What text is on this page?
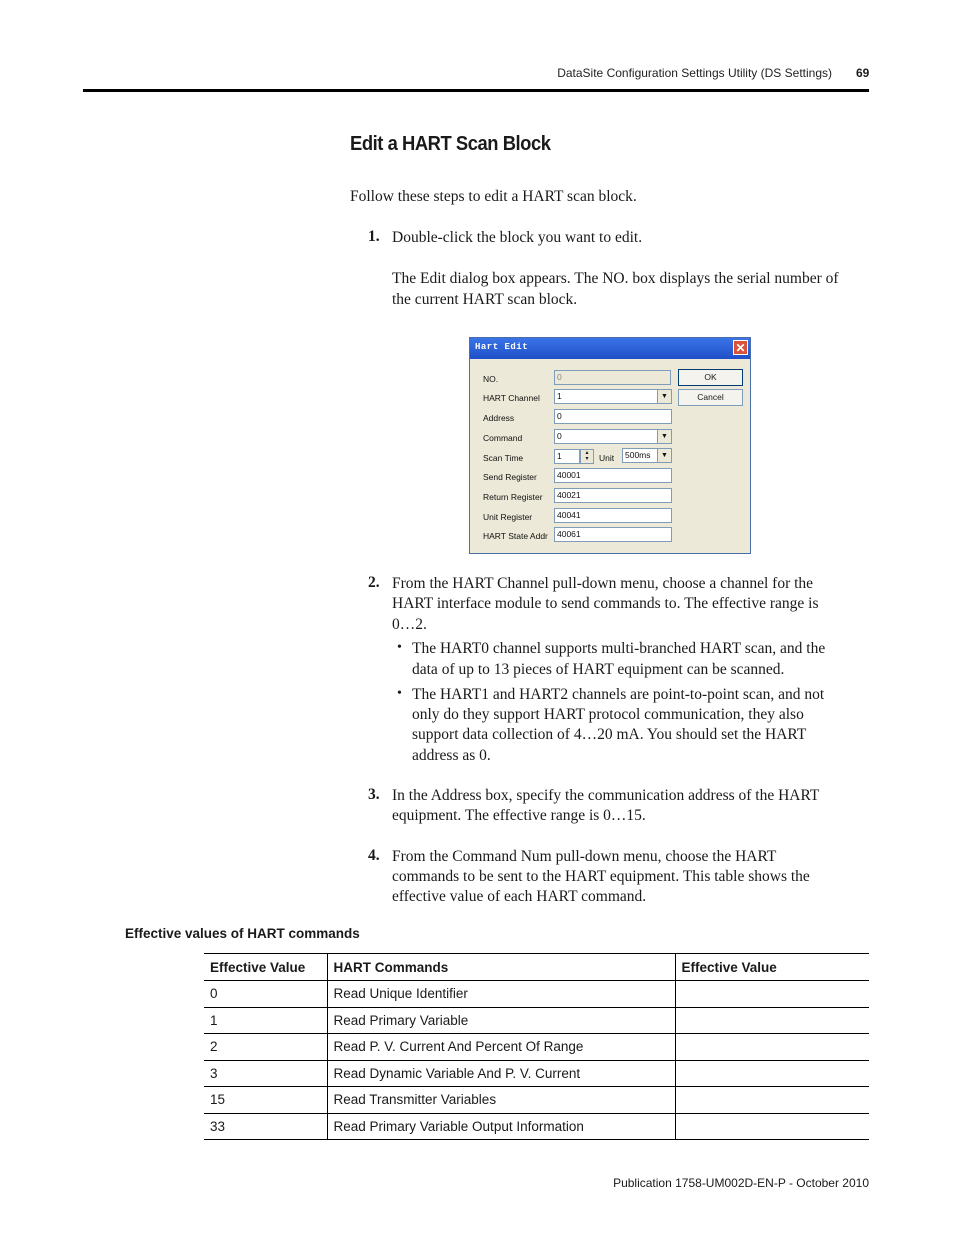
DataSite Configuration Settings Utility (DS Settings) 69
Edit a HART Scan Block
Follow these steps to edit a HART scan block.
1. Double-click the block you want to edit.
The Edit dialog box appears. The NO. box displays the serial number of
the current HART scan block.
Hart Edit	✕
NO.	0
HART Channel	1	▼
Address	0
Command	0	▼
Scan Time	1	▴
▾	Unit	500ms	▼
Send Register	40001
Return Register	40021
Unit Register	40041
HART State Addr	40061
OK
Cancel
2. From the HART Channel pull-down menu, choose a channel for the
HART interface module to send commands to. The effective range is
0…2.
• The HART0 channel supports multi-branched HART scan, and the
data of up to 13 pieces of HART equipment can be scanned.
• The HART1 and HART2 channels are point-to-point scan, and not
only do they support HART protocol communication, they also
support data collection of 4…20 mA. You should set the HART
address as 0.
3. In the Address box, specify the communication address of the HART
equipment. The effective range is 0…15.
4. From the Command Num pull-down menu, choose the HART
commands to be sent to the HART equipment. This table shows the
effective value of each HART command.
Effective values of HART commands
Effective Value	HART Commands	Effective Value
0	Read Unique Identifier	
1	Read Primary Variable	
2	Read P. V. Current And Percent Of Range	
3	Read Dynamic Variable And P. V. Current	
15	Read Transmitter Variables	
33	Read Primary Variable Output Information	
Publication 1758-UM002D-EN-P - October 2010
